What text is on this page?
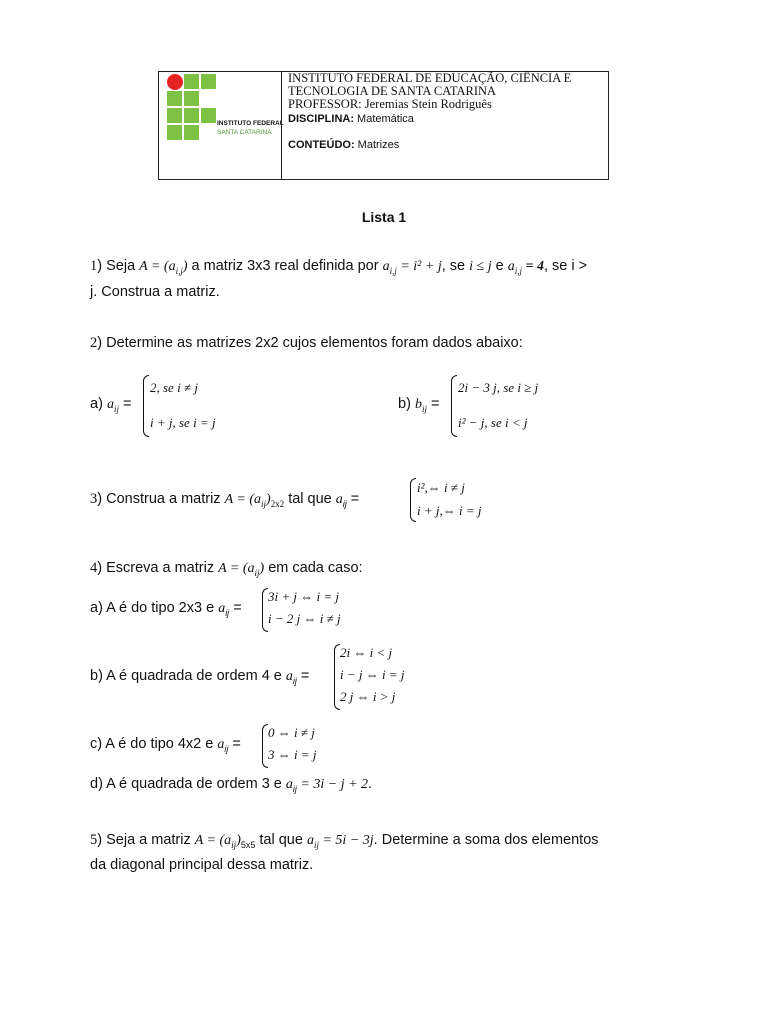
INSTITUTO FEDERAL
SANTA CATARINA
INSTITUTO FEDERAL DE EDUCAÇÃO, CIÊNCIA E
TECNOLOGIA DE SANTA CATARINA
PROFESSOR: Jeremias Stein Rodriguês
DISCIPLINA: Matemática
CONTEÚDO: Matrizes
Lista 1
1) Seja $A = (a_{i,j})$ a matriz 3x3 real definida por $a_{i,j} = i^2 + j$, se i ≤ j e $a_{i,j} = 4$, se i >
j. Construa a matriz.
2) Determine as matrizes 2x2 cujos elementos foram dados abaixo:
a) $a_{ij}$ =
2, se i ≠ j
i + j, se i = j
b) $b_{ij}$ =
2i − 3 j, se i ≥ j
i² − j, se i < j
3) Construa a matriz $A = (a_{ij})_{2x2}$ tal que $a_{ij}$ =
i²,⇔ i ≠ j
i + j,⇔ i = j
4) Escreva a matriz $A = (a_{ij})$ em cada caso:
a) A é do tipo 2x3 e $a_{ij}$ =
3i + j ⇔ i = j
i − 2 j ⇔ i ≠ j
b) A é quadrada de ordem 4 e $a_{ij}$ =
2i ⇔ i < j
i − j ⇔ i = j
2 j ⇔ i > j
c) A é do tipo 4x2 e $a_{ij}$ =
0 ⇔ i ≠ j
3 ⇔ i = j
d) A é quadrada de ordem 3 e $a_{ij} = 3i - j + 2$.
5) Seja a matriz $A = (a_{ij})_{5x5}$ tal que $a_{ij} = 5i - 3j$. Determine a soma dos elementos
da diagonal principal dessa matriz.
